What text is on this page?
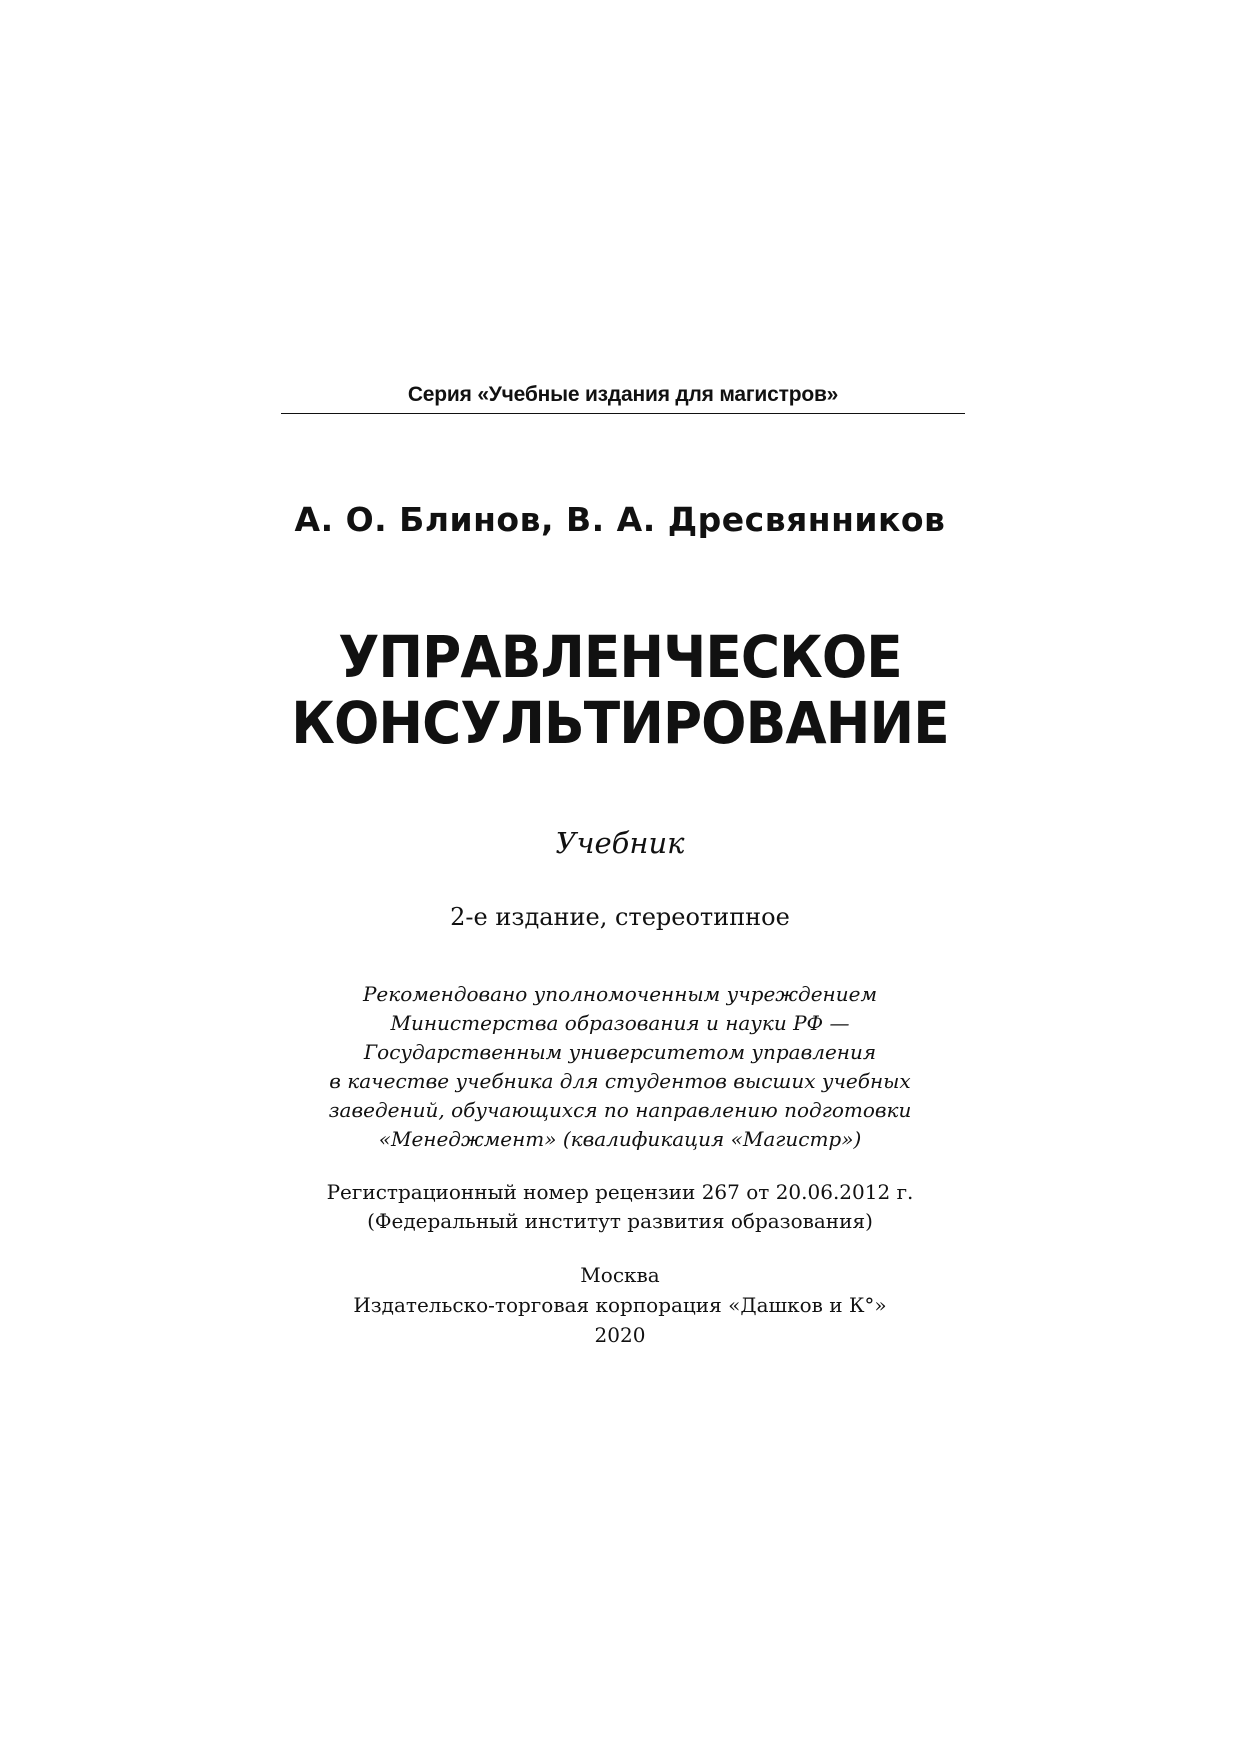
Серия «Учебные издания для магистров»
А. О. Блинов, В. А. Дресвянников
УПРАВЛЕНЧЕСКОЕ
КОНСУЛЬТИРОВАНИЕ
Учебник
2-е издание, стереотипное
Рекомендовано уполномоченным учреждением
Министерства образования и науки РФ —
Государственным университетом управления
в качестве учебника для студентов высших учебных
заведений, обучающихся по направлению подготовки
«Менеджмент» (квалификация «Магистр»)
Регистрационный номер рецензии 267 от 20.06.2012 г.
(Федеральный институт развития образования)
Москва
Издательско-торговая корпорация «Дашков и К°»
2020
